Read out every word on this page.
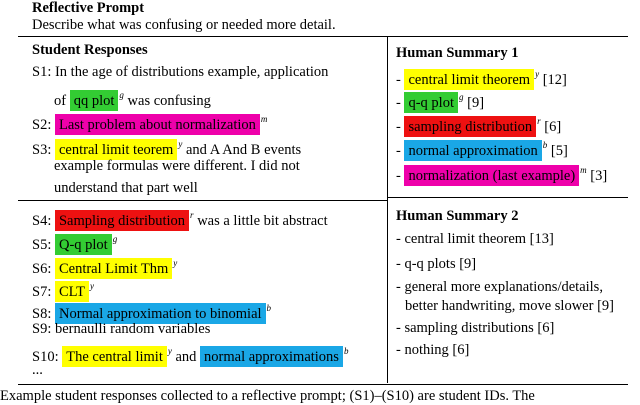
Reflective Prompt
Describe what was confusing or needed more detail.
Student Responses
S1: In the age of distributions example, application
of qq plot $^g$ was confusing
S2: Last problem about normalization $^m$
S3: central limit teorem $^y$ and A And B events
example formulas were different. I did not
understand that part well
S4: Sampling distribution $^r$ was a little bit abstract
S5: Q-q plot $^g$
S6: Central Limit Thm $^y$
S7: CLT $^y$
S8: Normal approximation to binomial $^b$
S9: bernaulli random variables
S10: The central limit $^y$ and normal approximations $^b$
...
Human Summary 1
- central limit theorem $^y$ [12]
- q-q plot $^g$ [9]
- sampling distribution $^r$ [6]
- normal approximation $^b$ [5]
- normalization (last example) $^m$ [3]
Human Summary 2
- central limit theorem [13]
- q-q plots [9]
- general more explanations/details,
better handwriting, move slower [9]
- sampling distributions [6]
- nothing [6]
Example student responses collected to a reflective prompt; (S1)–(S10) are student IDs. The
